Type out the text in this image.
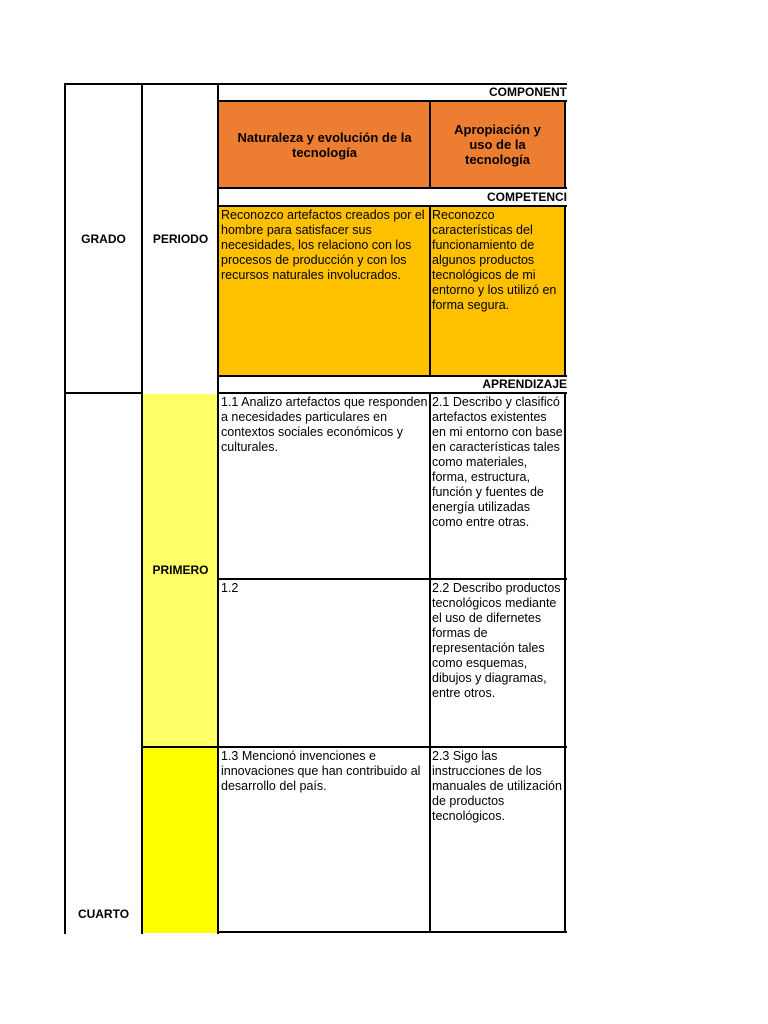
GRADO	PERIODO
COMPONENT
COMPETENCI
APRENDIZAJE
Naturaleza y evolución de la tecnología
Apropiación y uso de la tecnología
Reconozco artefactos creados por el hombre para satisfacer sus necesidades, los relaciono con los procesos de producción y con los recursos naturales involucrados.
Reconozco características del funcionamiento de algunos productos tecnológicos de mi entorno y los utilizó en forma segura.
PRIMERO
CUARTO
1.1 Analizo artefactos que responden a necesidades particulares en contextos sociales económicos y culturales.
2.1 Describo y clasificó artefactos existentes en mi entorno con base en características tales como materiales, forma, estructura, función y fuentes de energía utilizadas como entre otras.
1.2	2.2 Describo productos tecnológicos mediante el uso de difernetes formas de representación tales como esquemas, dibujos y diagramas, entre otros.
1.3 Mencionó invenciones e innovaciones que han contribuido al desarrollo del país.
2.3 Sigo las instrucciones de los manuales de utilización de productos tecnológicos.
